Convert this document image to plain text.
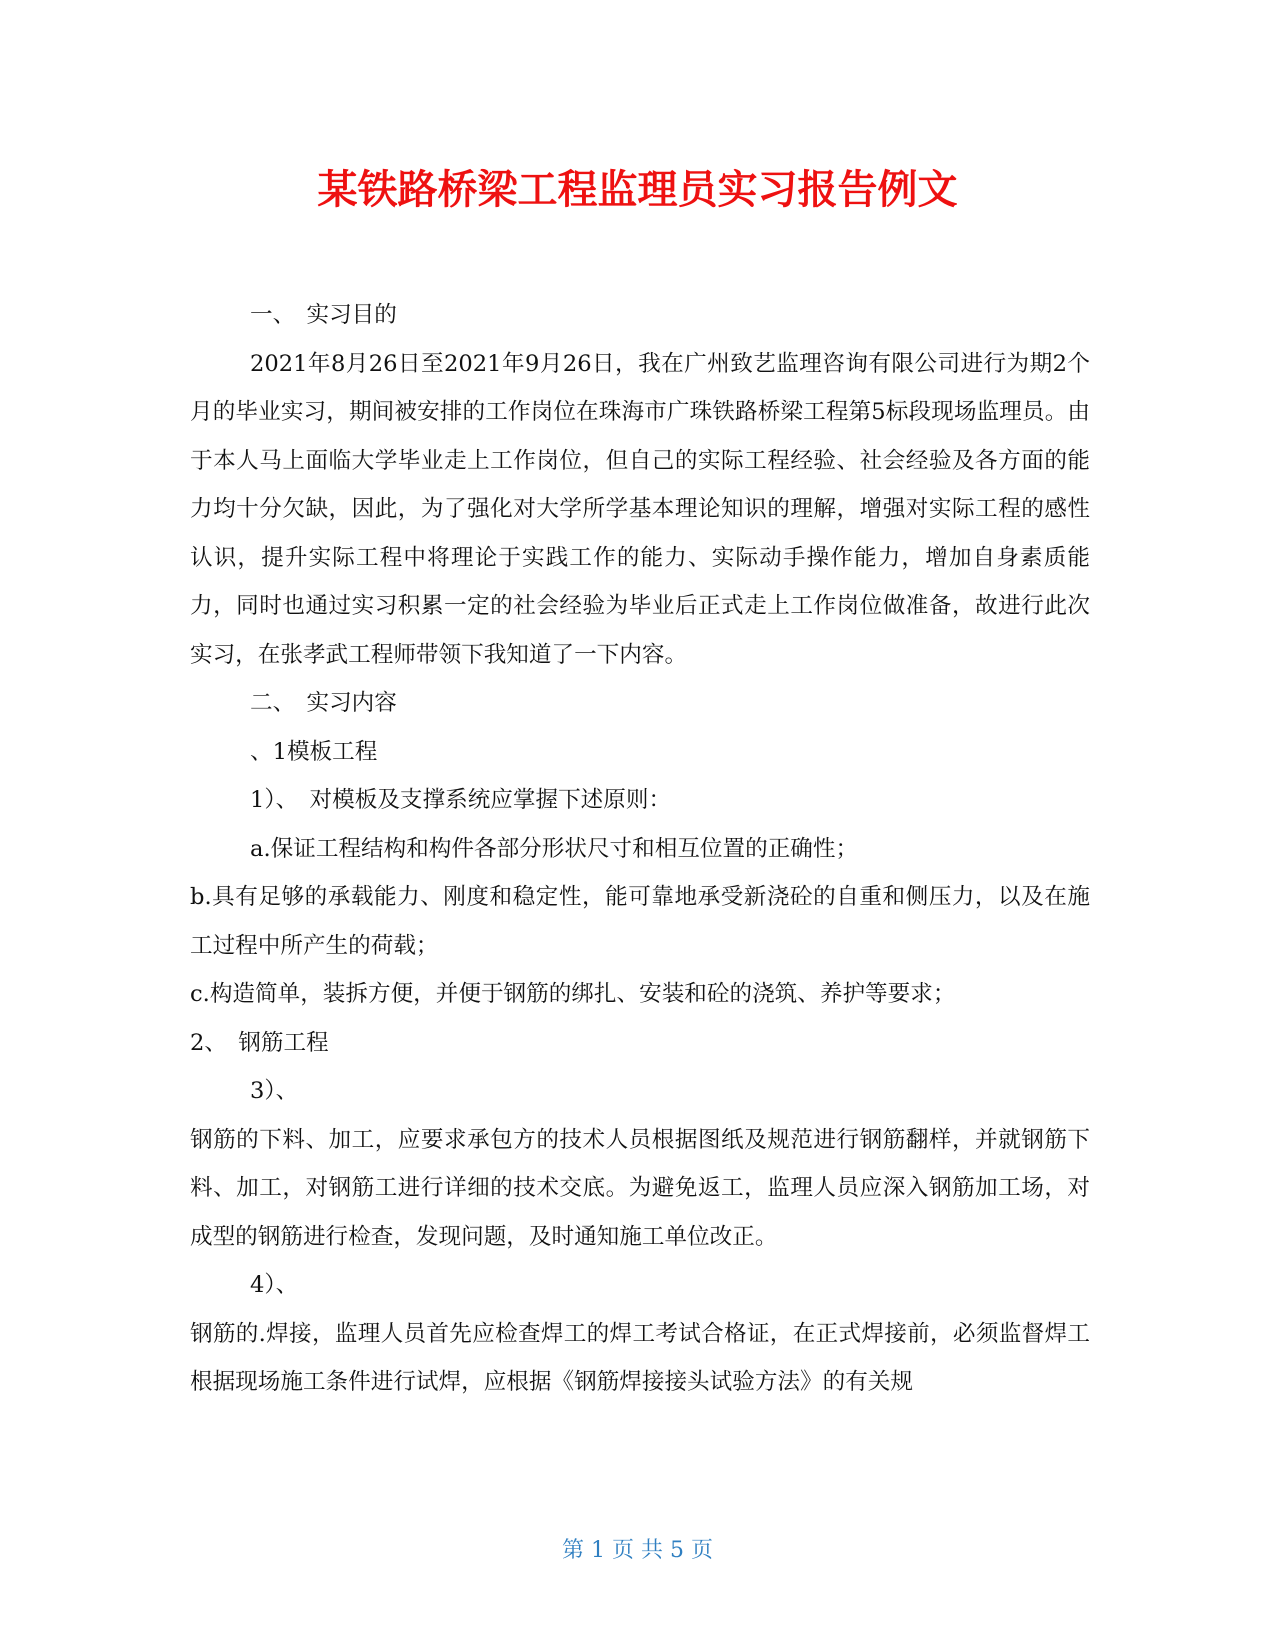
某铁路桥梁工程监理员实习报告例文

一、　实习目的

2021年8月26日至2021年9月26日，我在广州致艺监理咨询有限公司进行为期2个月的毕业实习，期间被安排的工作岗位在珠海市广珠铁路桥梁工程第5标段现场监理员。由于本人马上面临大学毕业走上工作岗位，但自己的实际工程经验、社会经验及各方面的能力均十分欠缺，因此，为了强化对大学所学基本理论知识的理解，增强对实际工程的感性认识，提升实际工程中将理论于实践工作的能力、实际动手操作能力，增加自身素质能力，同时也通过实习积累一定的社会经验为毕业后正式走上工作岗位做准备，故进行此次实习，在张孝武工程师带领下我知道了一下内容。

二、　实习内容

、1模板工程

1）、　对模板及支撑系统应掌握下述原则：

a.保证工程结构和构件各部分形状尺寸和相互位置的正确性；

b.具有足够的承载能力、刚度和稳定性，能可靠地承受新浇砼的自重和侧压力，以及在施工过程中所产生的荷载；

c.构造简单，装拆方便，并便于钢筋的绑扎、安装和砼的浇筑、养护等要求；

2、　钢筋工程

3）、

钢筋的下料、加工，应要求承包方的技术人员根据图纸及规范进行钢筋翻样，并就钢筋下料、加工，对钢筋工进行详细的技术交底。为避免返工，监理人员应深入钢筋加工场，对成型的钢筋进行检查，发现问题，及时通知施工单位改正。

4）、

钢筋的.焊接，监理人员首先应检查焊工的焊工考试合格证，在正式焊接前，必须监督焊工根据现场施工条件进行试焊，应根据《钢筋焊接接头试验方法》的有关规

第 1 页 共 5 页
